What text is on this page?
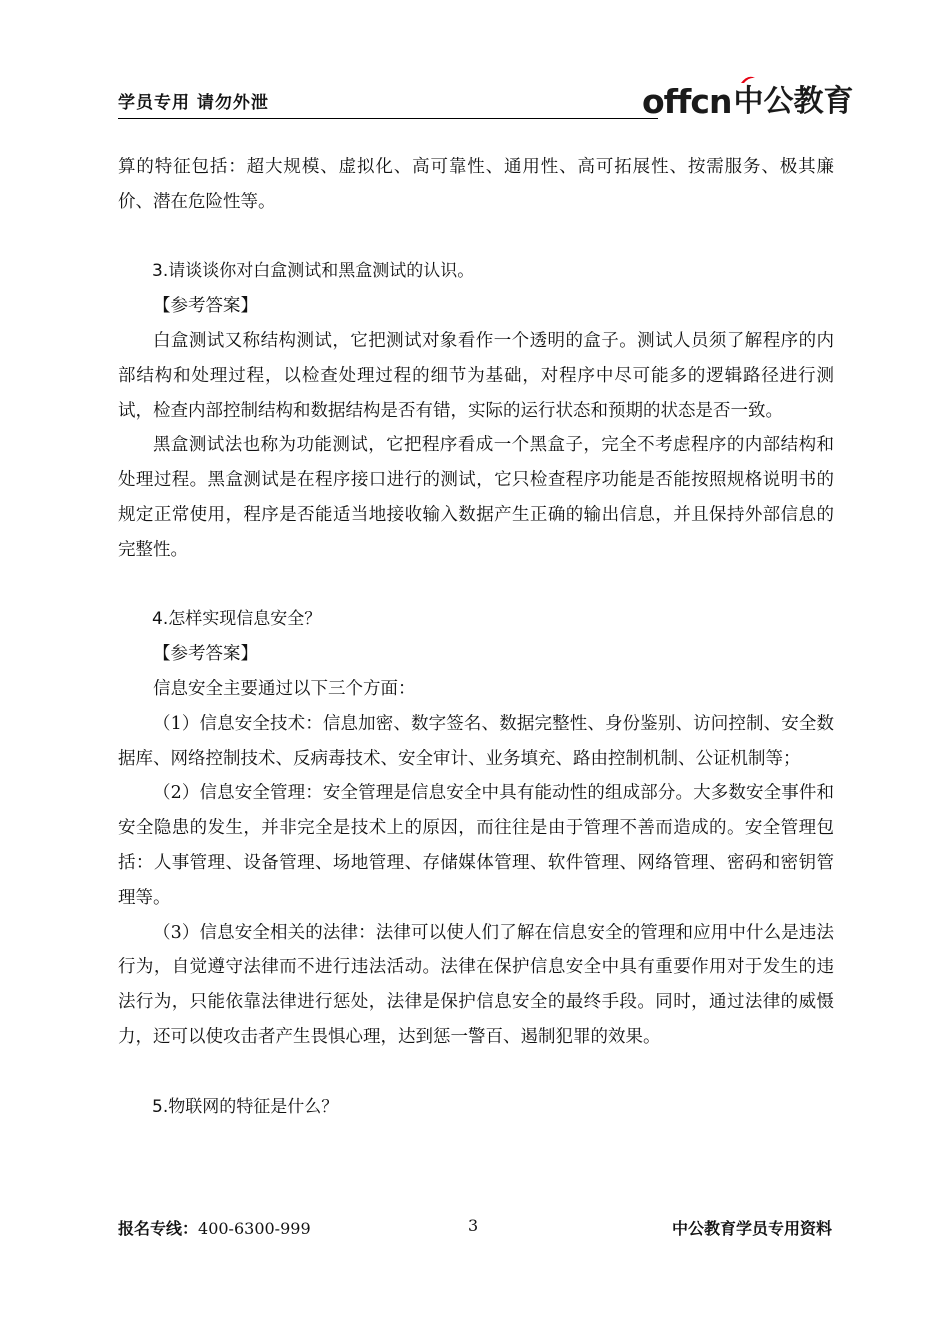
学员专用 请勿外泄	offcn 中公教育

算的特征包括：超大规模、虚拟化、高可靠性、通用性、高可拓展性、按需服务、极其廉价、潜在危险性等。

3.请谈谈你对白盒测试和黑盒测试的认识。

【参考答案】

白盒测试又称结构测试，它把测试对象看作一个透明的盒子。测试人员须了解程序的内部结构和处理过程，以检查处理过程的细节为基础，对程序中尽可能多的逻辑路径进行测试，检查内部控制结构和数据结构是否有错，实际的运行状态和预期的状态是否一致。

黑盒测试法也称为功能测试，它把程序看成一个黑盒子，完全不考虑程序的内部结构和处理过程。黑盒测试是在程序接口进行的测试，它只检查程序功能是否能按照规格说明书的规定正常使用，程序是否能适当地接收输入数据产生正确的输出信息，并且保持外部信息的完整性。

4.怎样实现信息安全？

【参考答案】

信息安全主要通过以下三个方面：

（1）信息安全技术：信息加密、数字签名、数据完整性、身份鉴别、访问控制、安全数据库、网络控制技术、反病毒技术、安全审计、业务填充、路由控制机制、公证机制等；

（2）信息安全管理：安全管理是信息安全中具有能动性的组成部分。大多数安全事件和安全隐患的发生，并非完全是技术上的原因，而往往是由于管理不善而造成的。安全管理包括：人事管理、设备管理、场地管理、存储媒体管理、软件管理、网络管理、密码和密钥管理等。

（3）信息安全相关的法律：法律可以使人们了解在信息安全的管理和应用中什么是违法行为，自觉遵守法律而不进行违法活动。法律在保护信息安全中具有重要作用对于发生的违法行为，只能依靠法律进行惩处，法律是保护信息安全的最终手段。同时，通过法律的威慑力，还可以使攻击者产生畏惧心理，达到惩一警百、遏制犯罪的效果。

5.物联网的特征是什么？

报名专线：400-6300-999	3	中公教育学员专用资料
